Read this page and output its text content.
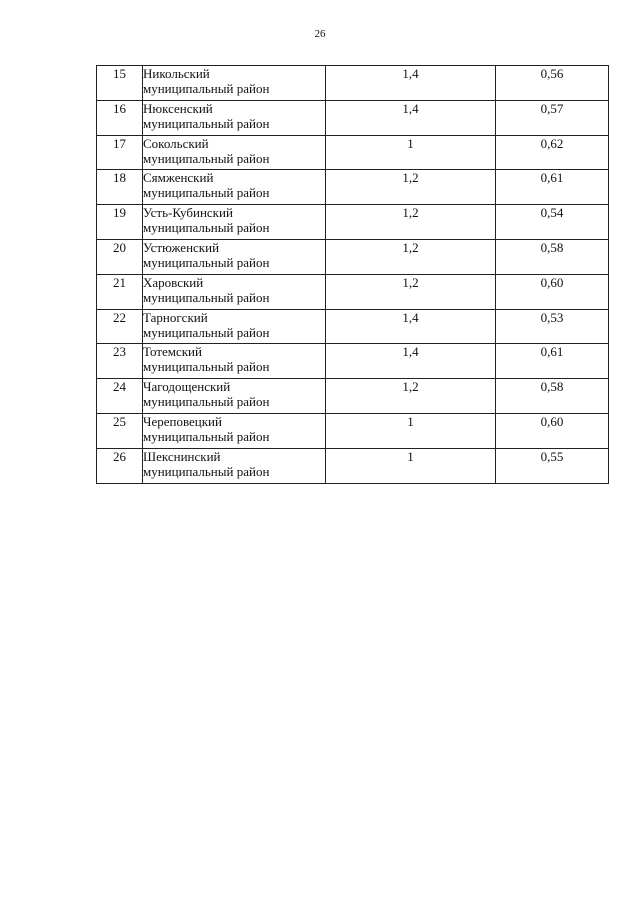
26
15	Никольский
муниципальный район	1,4	0,56
16	Нюксенский
муниципальный район	1,4	0,57
17	Сокольский
муниципальный район	1	0,62
18	Сямженский
муниципальный район	1,2	0,61
19	Усть-Кубинский
муниципальный район	1,2	0,54
20	Устюженский
муниципальный район	1,2	0,58
21	Харовский
муниципальный район	1,2	0,60
22	Тарногский
муниципальный район	1,4	0,53
23	Тотемский
муниципальный район	1,4	0,61
24	Чагодощенский
муниципальный район	1,2	0,58
25	Череповецкий
муниципальный район	1	0,60
26	Шекснинский
муниципальный район	1	0,55
